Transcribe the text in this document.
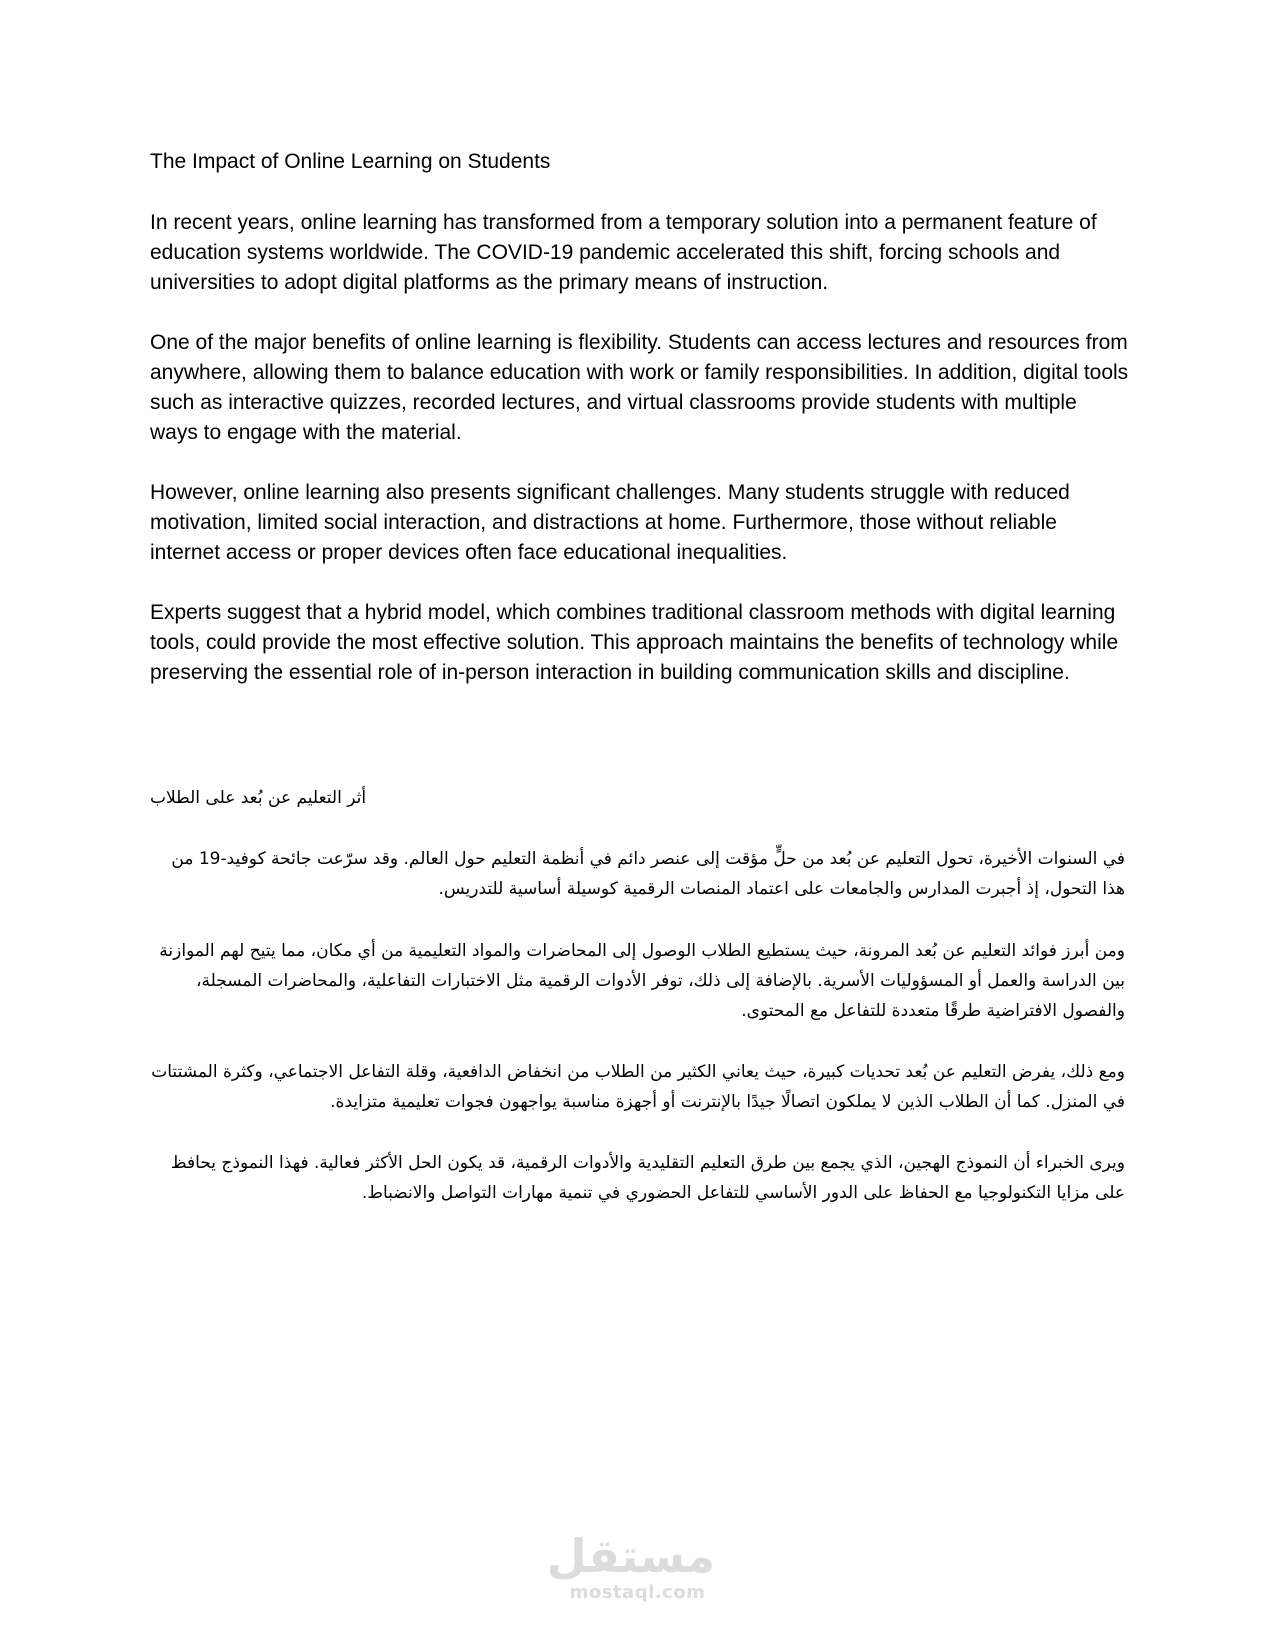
The Impact of Online Learning on Students

In recent years, online learning has transformed from a temporary solution into a permanent feature of education systems worldwide. The COVID-19 pandemic accelerated this shift, forcing schools and universities to adopt digital platforms as the primary means of instruction.

One of the major benefits of online learning is flexibility. Students can access lectures and resources from anywhere, allowing them to balance education with work or family responsibilities. In addition, digital tools such as interactive quizzes, recorded lectures, and virtual classrooms provide students with multiple ways to engage with the material.

However, online learning also presents significant challenges. Many students struggle with reduced motivation, limited social interaction, and distractions at home. Furthermore, those without reliable internet access or proper devices often face educational inequalities.

Experts suggest that a hybrid model, which combines traditional classroom methods with digital learning tools, could provide the most effective solution. This approach maintains the benefits of technology while preserving the essential role of in-person interaction in building communication skills and discipline.

أثر التعليم عن بُعد على الطلاب

في السنوات الأخيرة، تحول التعليم عن بُعد من حلٍّ مؤقت إلى عنصر دائم في أنظمة التعليم حول العالم. وقد سرّعت جائحة كوفيد-19 من هذا التحول، إذ أجبرت المدارس والجامعات على اعتماد المنصات الرقمية كوسيلة أساسية للتدريس.

ومن أبرز فوائد التعليم عن بُعد المرونة، حيث يستطيع الطلاب الوصول إلى المحاضرات والمواد التعليمية من أي مكان، مما يتيح لهم الموازنة بين الدراسة والعمل أو المسؤوليات الأسرية. بالإضافة إلى ذلك، توفر الأدوات الرقمية مثل الاختبارات التفاعلية، والمحاضرات المسجلة، والفصول الافتراضية طرقًا متعددة للتفاعل مع المحتوى.

ومع ذلك، يفرض التعليم عن بُعد تحديات كبيرة، حيث يعاني الكثير من الطلاب من انخفاض الدافعية، وقلة التفاعل الاجتماعي، وكثرة المشتتات في المنزل. كما أن الطلاب الذين لا يملكون اتصالًا جيدًا بالإنترنت أو أجهزة مناسبة يواجهون فجوات تعليمية متزايدة.

ويرى الخبراء أن النموذج الهجين، الذي يجمع بين طرق التعليم التقليدية والأدوات الرقمية، قد يكون الحل الأكثر فعالية. فهذا النموذج يحافظ على مزايا التكنولوجيا مع الحفاظ على الدور الأساسي للتفاعل الحضوري في تنمية مهارات التواصل والانضباط.

مستقل
mostaql.com
